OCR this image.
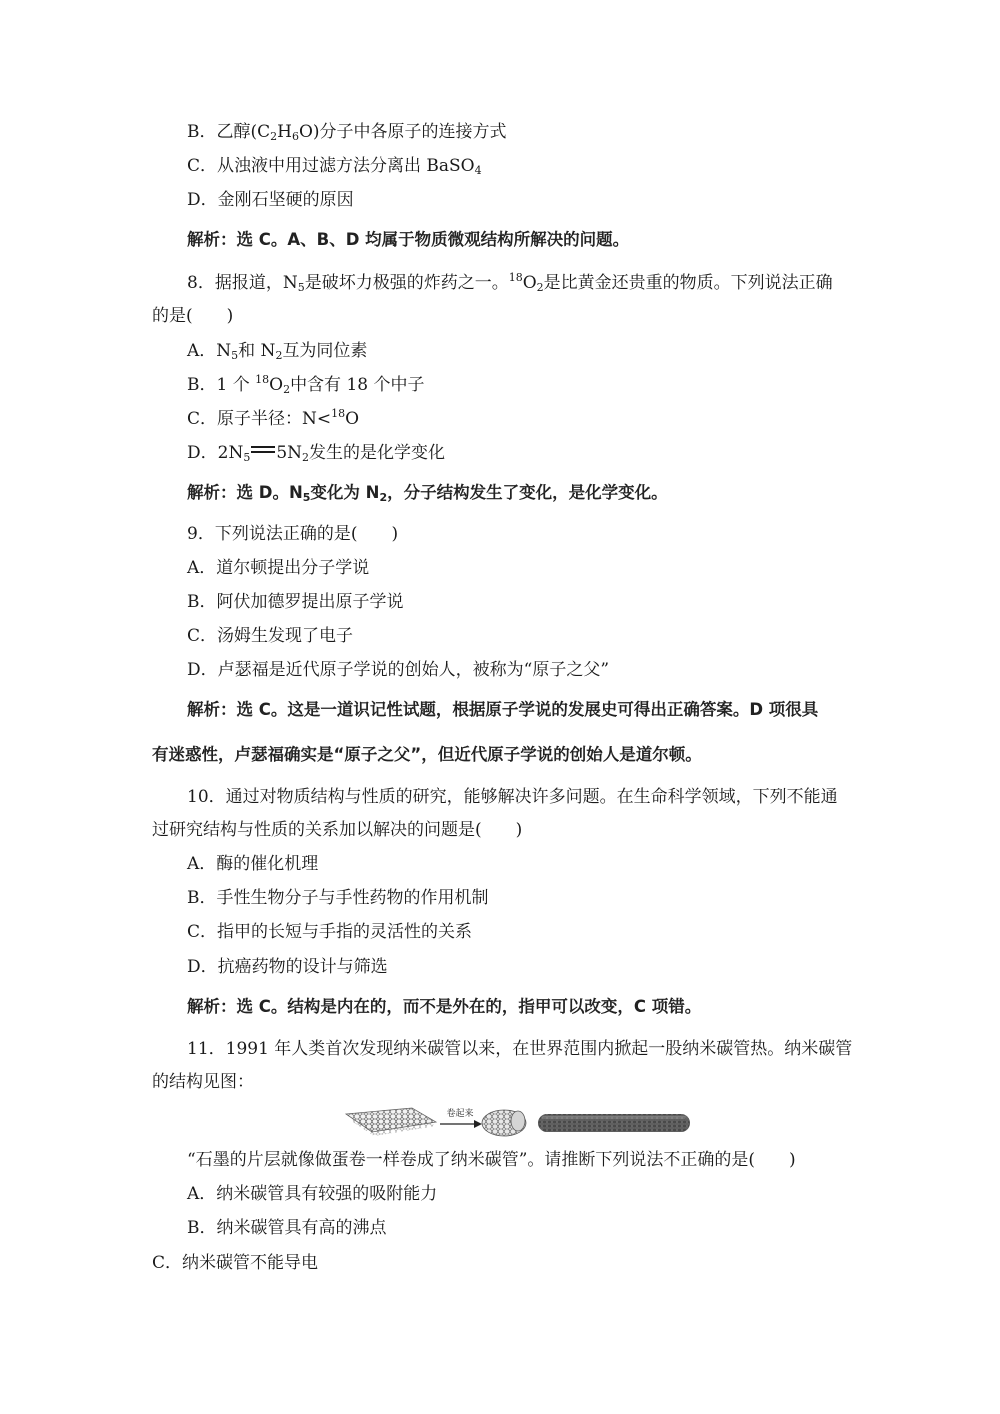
B．乙醇$(C_2H_6O)$分子中各原子的连接方式
C．从浊液中用过滤方法分离出 BaSO$_4$
D．金刚石坚硬的原因
解析：选 C。A、B、D 均属于物质微观结构所解决的问题。
8．据报道，$N_5$是破坏力极强的炸药之一。$^{18}O_2$是比黄金还贵重的物质。下列说法正确
的是(　　)
A．$N_5$和 $N_2$互为同位素
B．1 个 $^{18}O_2$中含有 18 个中子
C．原子半径：N<$^{18}$O
D．$2N_5$ $5N_2$发生的是化学变化
解析：选 D。$N_5$变化为 $N_2$，分子结构发生了变化，是化学变化。
9．下列说法正确的是(　　)
A．道尔顿提出分子学说
B．阿伏加德罗提出原子学说
C．汤姆生发现了电子
D．卢瑟福是近代原子学说的创始人，被称为“原子之父”
解析：选 C。这是一道识记性试题，根据原子学说的发展史可得出正确答案。D 项很具
有迷惑性，卢瑟福确实是“原子之父”，但近代原子学说的创始人是道尔顿。
10．通过对物质结构与性质的研究，能够解决许多问题。在生命科学领域，下列不能通
过研究结构与性质的关系加以解决的问题是(　　)
A．酶的催化机理
B．手性生物分子与手性药物的作用机制
C．指甲的长短与手指的灵活性的关系
D．抗癌药物的设计与筛选
解析：选 C。结构是内在的，而不是外在的，指甲可以改变，C 项错。
11．1991 年人类首次发现纳米碳管以来，在世界范围内掀起一股纳米碳管热。纳米碳管
的结构见图：
卷起来
“石墨的片层就像做蛋卷一样卷成了纳米碳管”。请推断下列说法不正确的是(　　)
A．纳米碳管具有较强的吸附能力
B．纳米碳管具有高的沸点
C．纳米碳管不能导电
